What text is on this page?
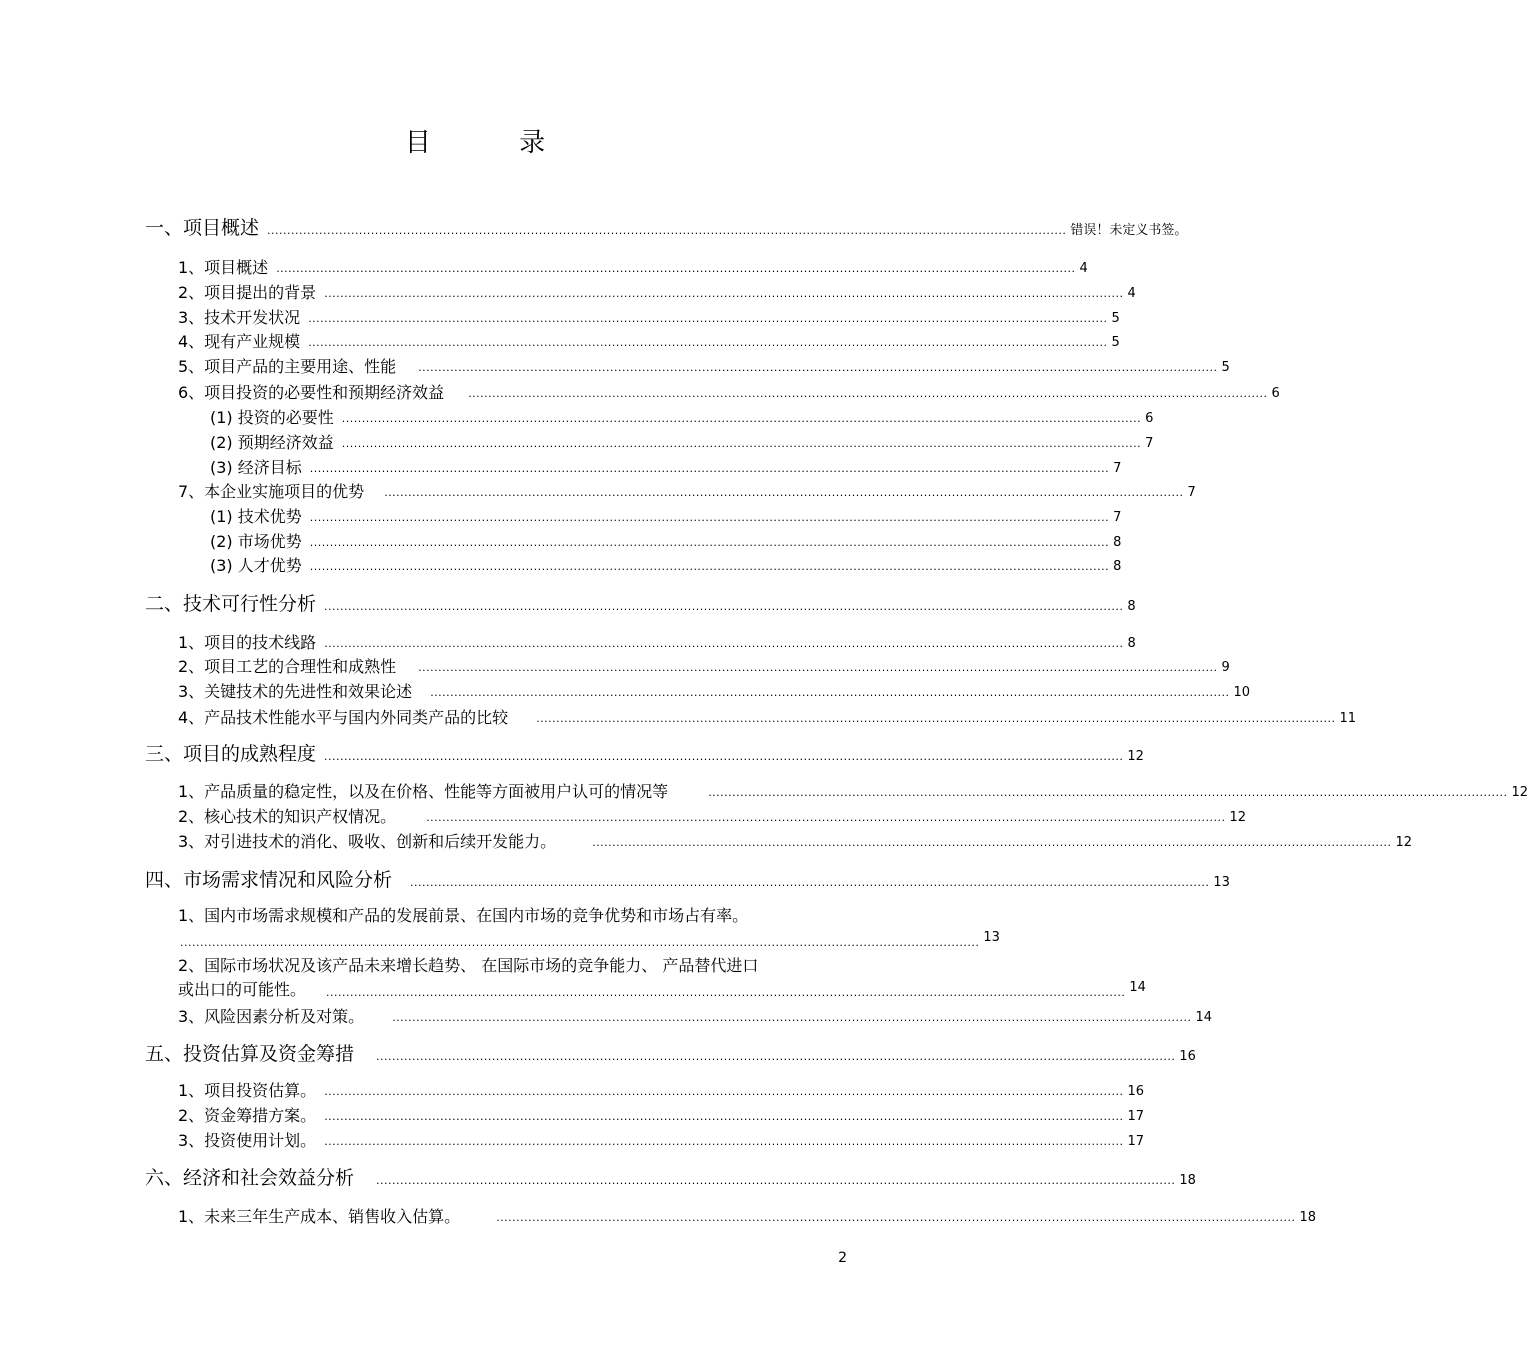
目 录
一、项目概述 ........................................................................................................................................................................................................ 错误！未定义书签。
1、项目概述 ........................................................................................................................................................................................................ 4
2、项目提出的背景 ........................................................................................................................................................................................................ 4
3、技术开发状况 ........................................................................................................................................................................................................ 5
4、现有产业规模 ........................................................................................................................................................................................................ 5
5、项目产品的主要用途、性能 ........................................................................................................................................................................................................ 5
6、项目投资的必要性和预期经济效益 ........................................................................................................................................................................................................ 6
(1) 投资的必要性 ........................................................................................................................................................................................................ 6
(2) 预期经济效益 ........................................................................................................................................................................................................ 7
(3) 经济目标 ........................................................................................................................................................................................................ 7
7、本企业实施项目的优势 ........................................................................................................................................................................................................ 7
(1) 技术优势 ........................................................................................................................................................................................................ 7
(2) 市场优势 ........................................................................................................................................................................................................ 8
(3) 人才优势 ........................................................................................................................................................................................................ 8
二、技术可行性分析 ........................................................................................................................................................................................................ 8
1、项目的技术线路 ........................................................................................................................................................................................................ 8
2、项目工艺的合理性和成熟性 ........................................................................................................................................................................................................ 9
3、关键技术的先进性和效果论述 ........................................................................................................................................................................................................ 10
4、产品技术性能水平与国内外同类产品的比较	........................................................................................................................................................................................................ 11
三、项目的成熟程度 ........................................................................................................................................................................................................ 12
1、产品质量的稳定性，以及在价格、性能等方面被用户认可的情况等	........................................................................................................................................................................................................ 12
2、核心技术的知识产权情况。	........................................................................................................................................................................................................ 12
3、对引进技术的消化、吸收、创新和后续开发能力。	........................................................................................................................................................................................................ 12
四、市场需求情况和风险分析 ........................................................................................................................................................................................................ 13
1、国内市场需求规模和产品的发展前景、在国内市场的竞争优势和市场占有率。
........................................................................................................................................................................................................ 13
2、国际市场状况及该产品未来增长趋势、 在国际市场的竞争能力、 产品替代进口
或出口的可能性。 ........................................................................................................................................................................................................ 14
3、风险因素分析及对策。	........................................................................................................................................................................................................ 14
五、投资估算及资金筹措 ........................................................................................................................................................................................................ 16
1、项目投资估算。 ........................................................................................................................................................................................................ 16
2、资金筹措方案。 ........................................................................................................................................................................................................ 17
3、投资使用计划。 ........................................................................................................................................................................................................ 17
六、经济和社会效益分析 ........................................................................................................................................................................................................ 18
1、未来三年生产成本、销售收入估算。	........................................................................................................................................................................................................ 18
2
